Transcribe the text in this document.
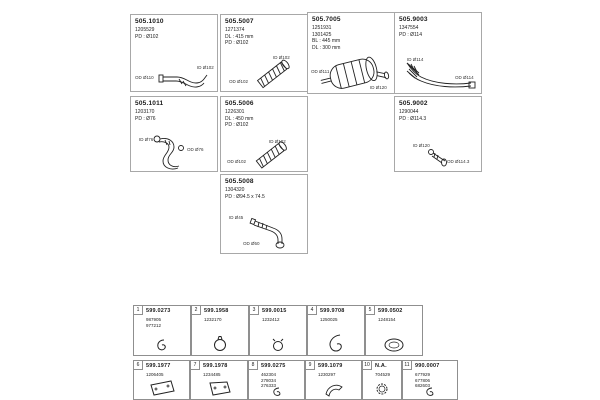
505.1010
1205529
PD : Ø102
OD Ø110
ID Ø102
505.5007
1271374
DL : 415 mm
PD : Ø102
ID Ø102
OD Ø102
505.7005
1251931
1301425
BL : 445 mm
DL : 300 mm
OD Ø111
ID Ø120
505.9003
1347554
PD : Ø114
ID Ø114
OD Ø114
505.1011
1203170
PD : Ø76
ID Ø76
OD Ø76
505.5006
1226301
DL : 450 mm
PD : Ø102
ID Ø102
OD Ø102
505.9002
1290044
PD : Ø114.3
ID Ø120
OD Ø114.3
505.5008
1304320
PD : Ø94.5 x 74.5
ID Ø45
OD Ø50
1	599.0273
987905
977212
2	599.1958
1232170
3	599.0015
1232412
4	599.9708
1250025
5	599.0502
1248154
6	599.1977
1206405
7	599.1978
1234485
8	599.0275
462304
278034
276333
9	599.1079
1230297
10 N.A.
704529
11 990.0007
677929
677806
682603
